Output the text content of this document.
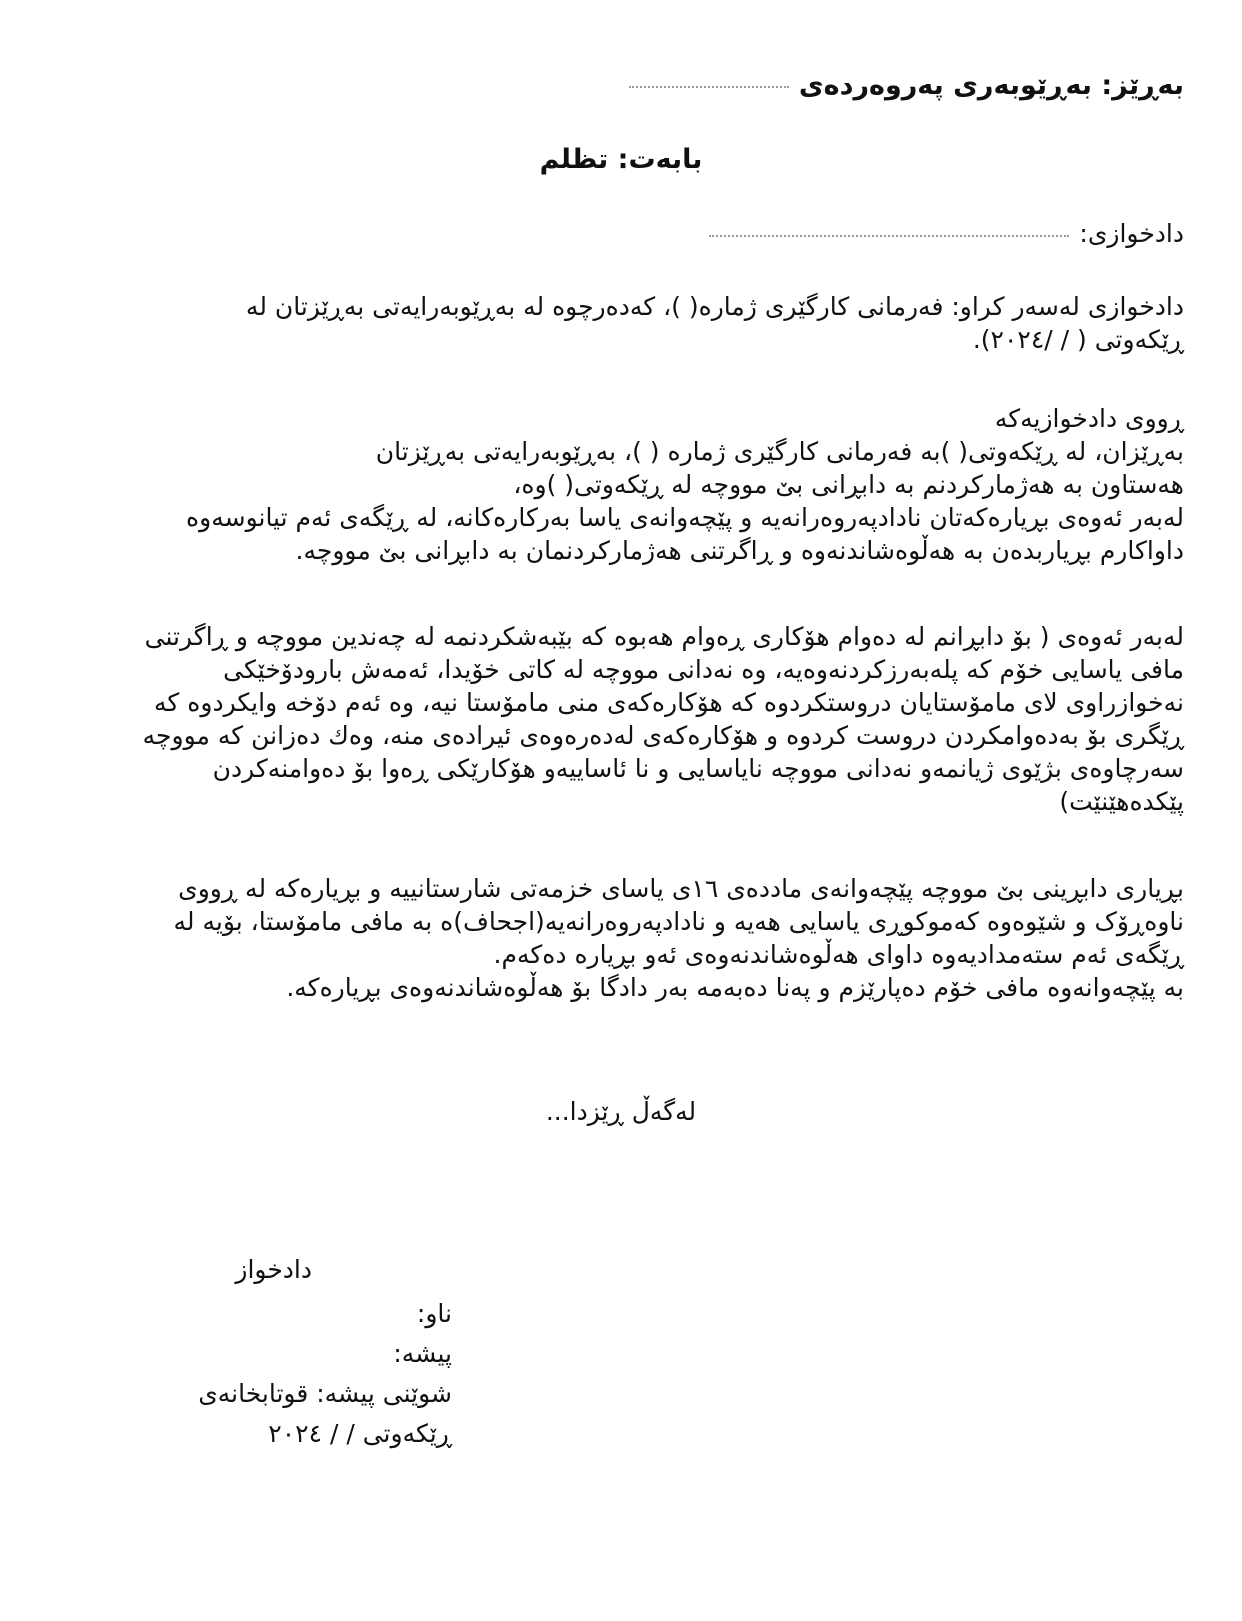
بەڕێز: بەڕێوبەری پەروەردەی
بابەت: تظلم
دادخوازی:
دادخوازی لەسەر کراو: فەرمانی کارگێری ژمارە( )، کەدەرچوە لە بەڕێوبەرایەتی بەڕێزتان لە
ڕێکەوتی ( / /٢٠٢٤).
ڕووی دادخوازیەکە
بەڕێزان، لە ڕێکەوتی( )بە فەرمانی کارگێری ژمارە ( )، بەڕێوبەرایەتی بەڕێزتان
هەستاون بە هەژمارکردنم بە دابڕانی بێ مووچە لە ڕێکەوتی( )وە،
لەبەر ئەوەی بڕیارەکەتان نادادپەروەرانەیە و پێچەوانەی یاسا بەرکارەکانە، لە ڕێگەی ئەم تیانوسەوە
داواکارم بڕیاربدەن بە هەڵوەشاندنەوە و ڕاگرتنی هەژمارکردنمان بە دابڕانی بێ مووچە.
لەبەر ئەوەی ( بۆ دابڕانم لە دەوام هۆکاری ڕەوام هەبوە کە بێبەشکردنمە لە چەندین مووچە و ڕاگرتنی
مافی یاسایی خۆم کە پلەبەرزکردنەوەیە، وە نەدانی مووچە لە کاتی خۆیدا، ئەمەش بارودۆخێکی
نەخوازراوی لای مامۆستایان دروستکردوە کە هۆکارەکەی منی مامۆستا نیە، وە ئەم دۆخە وایکردوە کە
ڕێگری بۆ بەدەوامکردن دروست کردوە و هۆکارەکەی لەدەرەوەی ئیرادەی منە، وەك دەزانن کە مووچە
سەرچاوەی بژێوی ژیانمەو نەدانی مووچە نایاسایی و نا ئاساییەو هۆکارێکی ڕەوا بۆ دەوامنەکردن
پێکدەهێنێت)
بڕیاری دابڕینی بێ مووچە پێچەوانەی ماددەی ١٦ی یاسای خزمەتی شارستانییە و بڕیارەکە لە ڕووی
ناوەڕۆک و شێوەوە کەموکوڕی یاسایی هەیە و نادادپەروەرانەیە(اجحاف)ە بە مافی مامۆستا، بۆیە لە
ڕێگەی ئەم ستەمدادیەوە داوای هەڵوەشاندنەوەی ئەو بڕیارە دەکەم.
بە پێچەوانەوە مافی خۆم دەپارێزم و پەنا دەبەمە بەر دادگا بۆ هەڵوەشاندنەوەی بڕیارەکە.
لەگەڵ ڕێزدا...
دادخواز
ناو:
پیشە:
شوێنی پیشە: قوتابخانەی
ڕێکەوتی / / ٢٠٢٤
